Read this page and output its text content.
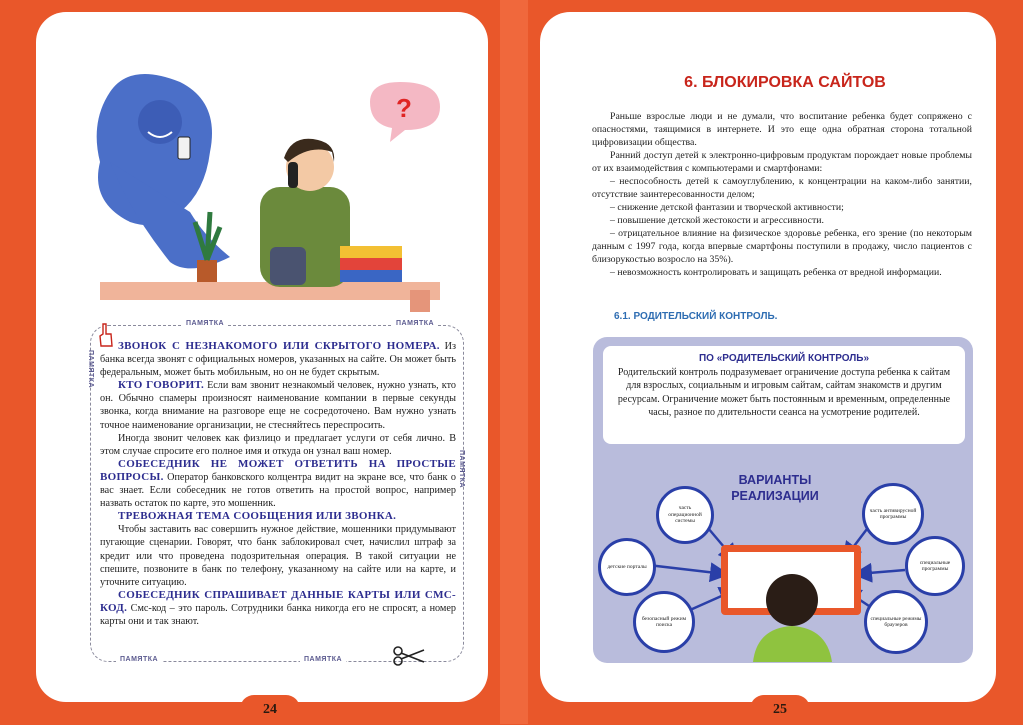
?
ПАМЯТКА	ПАМЯТКА
ПАМЯТКА	ПАМЯТКА
ПАМЯТКА
ПАМЯТКА

ЗВОНОК С НЕЗНАКОМОГО ИЛИ СКРЫТОГО НОМЕРА. Из банка всегда звонят с официальных номеров, указанных на сайте. Он может быть федеральным, может быть мобильным, но он не будет скрытым.

КТО ГОВОРИТ. Если вам звонит незнакомый человек, нужно узнать, кто он. Обычно спамеры произносят наименование компании в первые секунды звонка, когда внимание на разговоре еще не сосредоточено. Вам нужно узнать точное наименование организации, не стесняйтесь переспросить.

Иногда звонит человек как физлицо и предлагает услуги от себя лично. В этом случае спросите его полное имя и откуда он узнал ваш номер.

СОБЕСЕДНИК НЕ МОЖЕТ ОТВЕТИТЬ НА ПРОСТЫЕ ВОПРОСЫ. Оператор банковского колцентра видит на экране все, что банк о вас знает. Если собеседник не готов ответить на простой вопрос, например назвать остаток по карте, это мошенник.

ТРЕВОЖНАЯ ТЕМА СООБЩЕНИЯ ИЛИ ЗВОНКА.

Чтобы заставить вас совершить нужное действие, мошенники придумывают пугающие сценарии. Говорят, что банк заблокировал счет, начислил штраф за кредит или что проведена подозрительная операция. В такой ситуации не спешите, позвоните в банк по телефону, указанному на сайте или на карте, и уточните ситуацию.

СОБЕСЕДНИК СПРАШИВАЕТ ДАННЫЕ КАРТЫ ИЛИ СМС-КОД. Смс-код – это пароль. Сотрудники банка никогда его не спросят, а номер карты они и так знают.

24
6. БЛОКИРОВКА САЙТОВ

Раньше взрослые люди и не думали, что воспитание ребенка будет сопряжено с опасностями, таящимися в интернете. И это еще одна обратная сторона тотальной цифровизации общества.

Ранний доступ детей к электронно-цифровым продуктам порождает новые проблемы от их взаимодействия с компьютерами и смартфонами:

– неспособность детей к самоуглублению, к концентрации на каком-либо занятии, отсутствие заинтересованности делом;

– снижение детской фантазии и творческой активности;

– повышение детской жестокости и агрессивности.

– отрицательное влияние на физическое здоровье ребенка, его зрение (по некоторым данным с 1997 года, когда впервые смартфоны поступили в продажу, число пациентов с близорукостью возросло на 35%).

– невозможность контролировать и защищать ребенка от вредной информации.

6.1. РОДИТЕЛЬСКИЙ КОНТРОЛЬ.
ПО «РОДИТЕЛЬСКИЙ КОНТРОЛЬ»
Родительский контроль подразумевает ограничение доступа ребенка к сайтам для взрослых, социальным и игровым сайтам, сайтам знакомств и другим ресурсам. Ограничение может быть постоянным и временным, определенные часы, разное по длительности сеанса на усмотрение родителей.
ВАРИАНТЫ РЕАЛИЗАЦИИ
часть операционной системы
детские порталы
безопасный режим поиска
часть антивирусной программы
специальные программы
специальные режимы браузеров
25
